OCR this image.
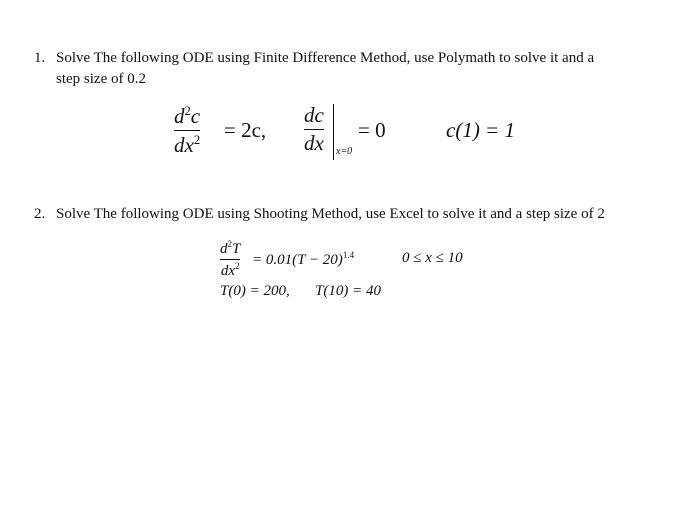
1. Solve The following ODE using Finite Difference Method, use Polymath to solve it and a
step size of 0.2
$d^2c$
$dx^2 = 2c$,
dc
dx x=0
= 0	c(1) = 1
2. Solve The following ODE using Shooting Method, use Excel to solve it and a step size of 2
$d^2T$
$dx^2 = 0.01(T - 20)^{1.4}$	0 ≤ x ≤ 10
T(0) = 200, T(10) = 40
